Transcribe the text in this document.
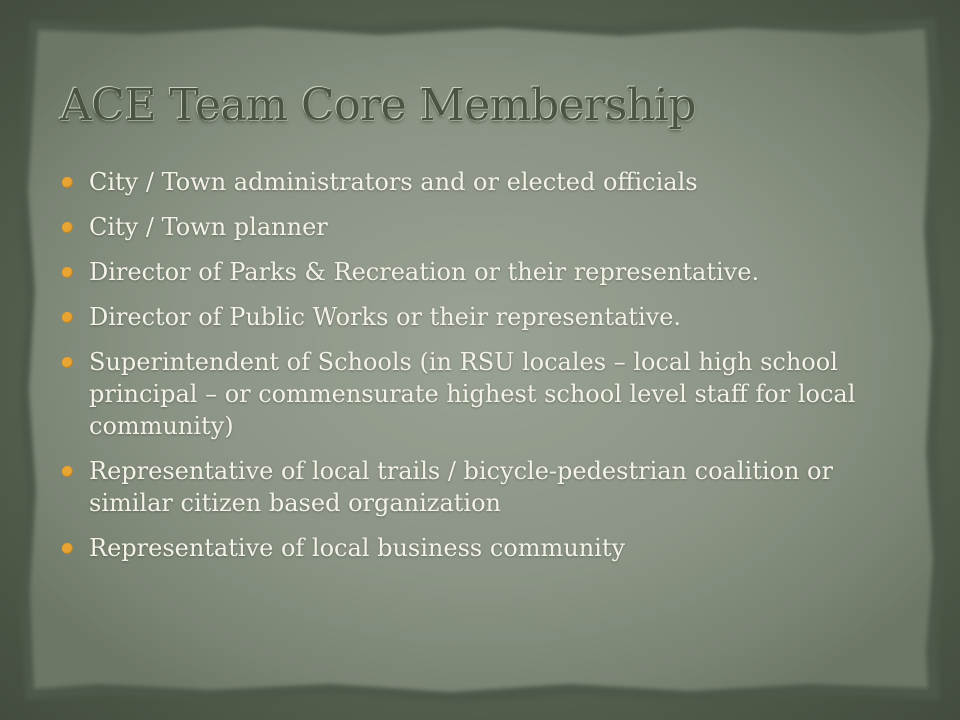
ACE Team Core Membership
City / Town administrators and or elected officials
City / Town planner
Director of Parks & Recreation or their representative.
Director of Public Works or their representative.
Superintendent of Schools (in RSU locales – local high school principal – or commensurate highest school level staff for local community)
Representative of local trails / bicycle-pedestrian coalition or similar citizen based organization
Representative of local business community
